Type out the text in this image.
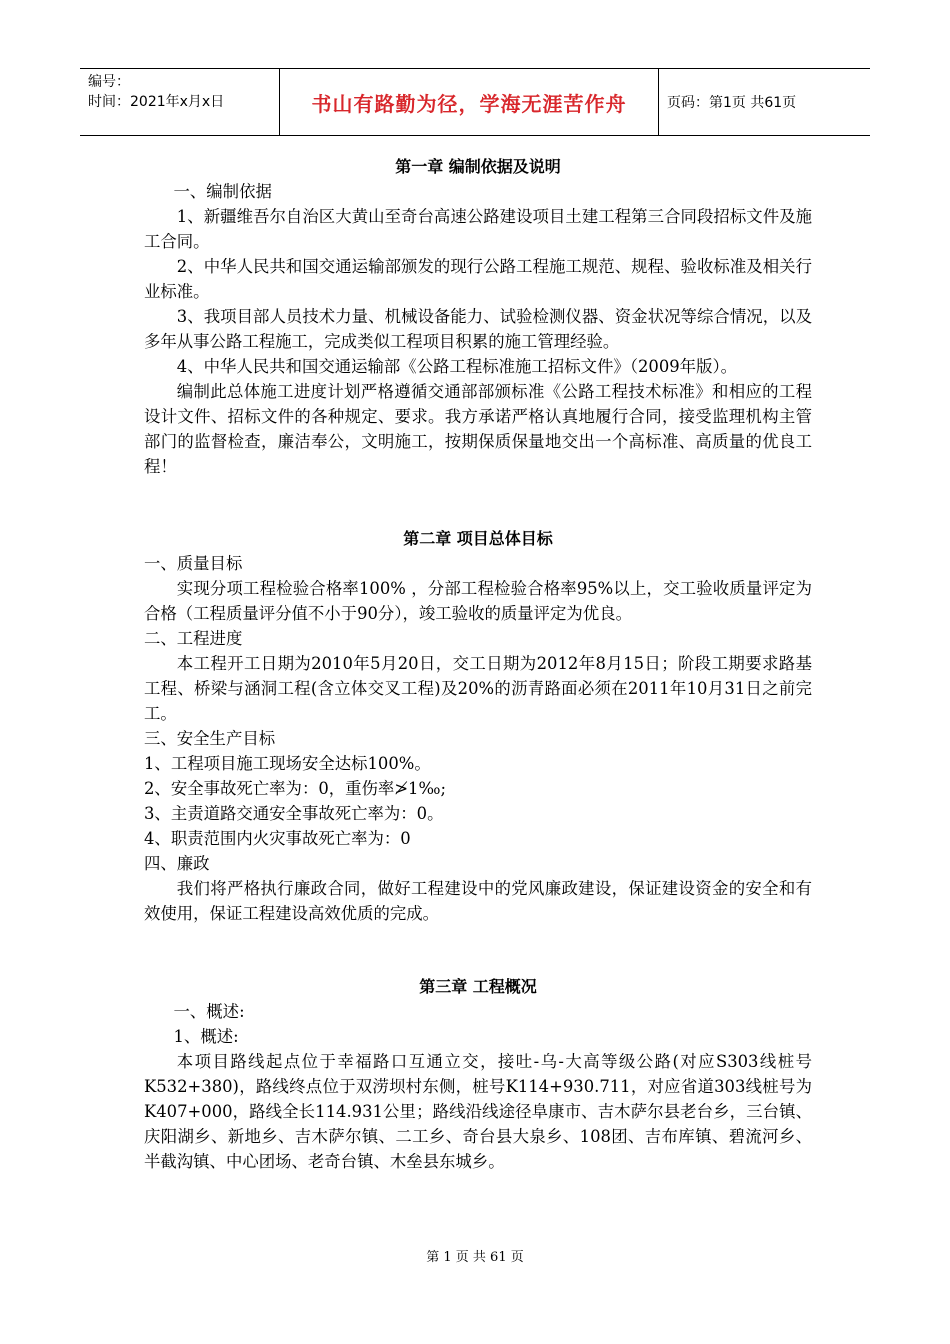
编号：
时间：2021年x月x日	书山有路勤为径，学海无涯苦作舟	页码：第1页 共61页

第一章 编制依据及说明

一、编制依据

1、新疆维吾尔自治区大黄山至奇台高速公路建设项目土建工程第三合同段招标文件及施工合同。

2、中华人民共和国交通运输部颁发的现行公路工程施工规范、规程、验收标准及相关行业标准。

3、我项目部人员技术力量、机械设备能力、试验检测仪器、资金状况等综合情况，以及多年从事公路工程施工，完成类似工程项目积累的施工管理经验。

4、中华人民共和国交通运输部《公路工程标准施工招标文件》（2009年版）。

编制此总体施工进度计划严格遵循交通部部颁标准《公路工程技术标准》和相应的工程设计文件、招标文件的各种规定、要求。我方承诺严格认真地履行合同，接受监理机构主管部门的监督检查，廉洁奉公，文明施工，按期保质保量地交出一个高标准、高质量的优良工程！

第二章 项目总体目标

一、质量目标

实现分项工程检验合格率100% ，分部工程检验合格率95%以上，交工验收质量评定为合格（工程质量评分值不小于90分），竣工验收的质量评定为优良。

二、工程进度

本工程开工日期为2010年5月20日，交工日期为2012年8月15日；阶段工期要求路基工程、桥梁与涵洞工程(含立体交叉工程)及20%的沥青路面必须在2011年10月31日之前完工。

三、安全生产目标

1、工程项目施工现场安全达标100%。

2、安全事故死亡率为：0，重伤率≯1‰;

3、主责道路交通安全事故死亡率为：0。

4、职责范围内火灾事故死亡率为：0

四、廉政

我们将严格执行廉政合同，做好工程建设中的党风廉政建设，保证建设资金的安全和有效使用，保证工程建设高效优质的完成。

第三章 工程概况

一、概述:

1、概述:

本项目路线起点位于幸福路口互通立交，接吐-乌-大高等级公路(对应S303线桩号K532+380)，路线终点位于双涝坝村东侧，桩号K114+930.711，对应省道303线桩号为K407+000，路线全长114.931公里；路线沿线途径阜康市、吉木萨尔县老台乡，三台镇、庆阳湖乡、新地乡、吉木萨尔镇、二工乡、奇台县大泉乡、108团、吉布库镇、碧流河乡、半截沟镇、中心团场、老奇台镇、木垒县东城乡。

第 1 页 共 61 页
